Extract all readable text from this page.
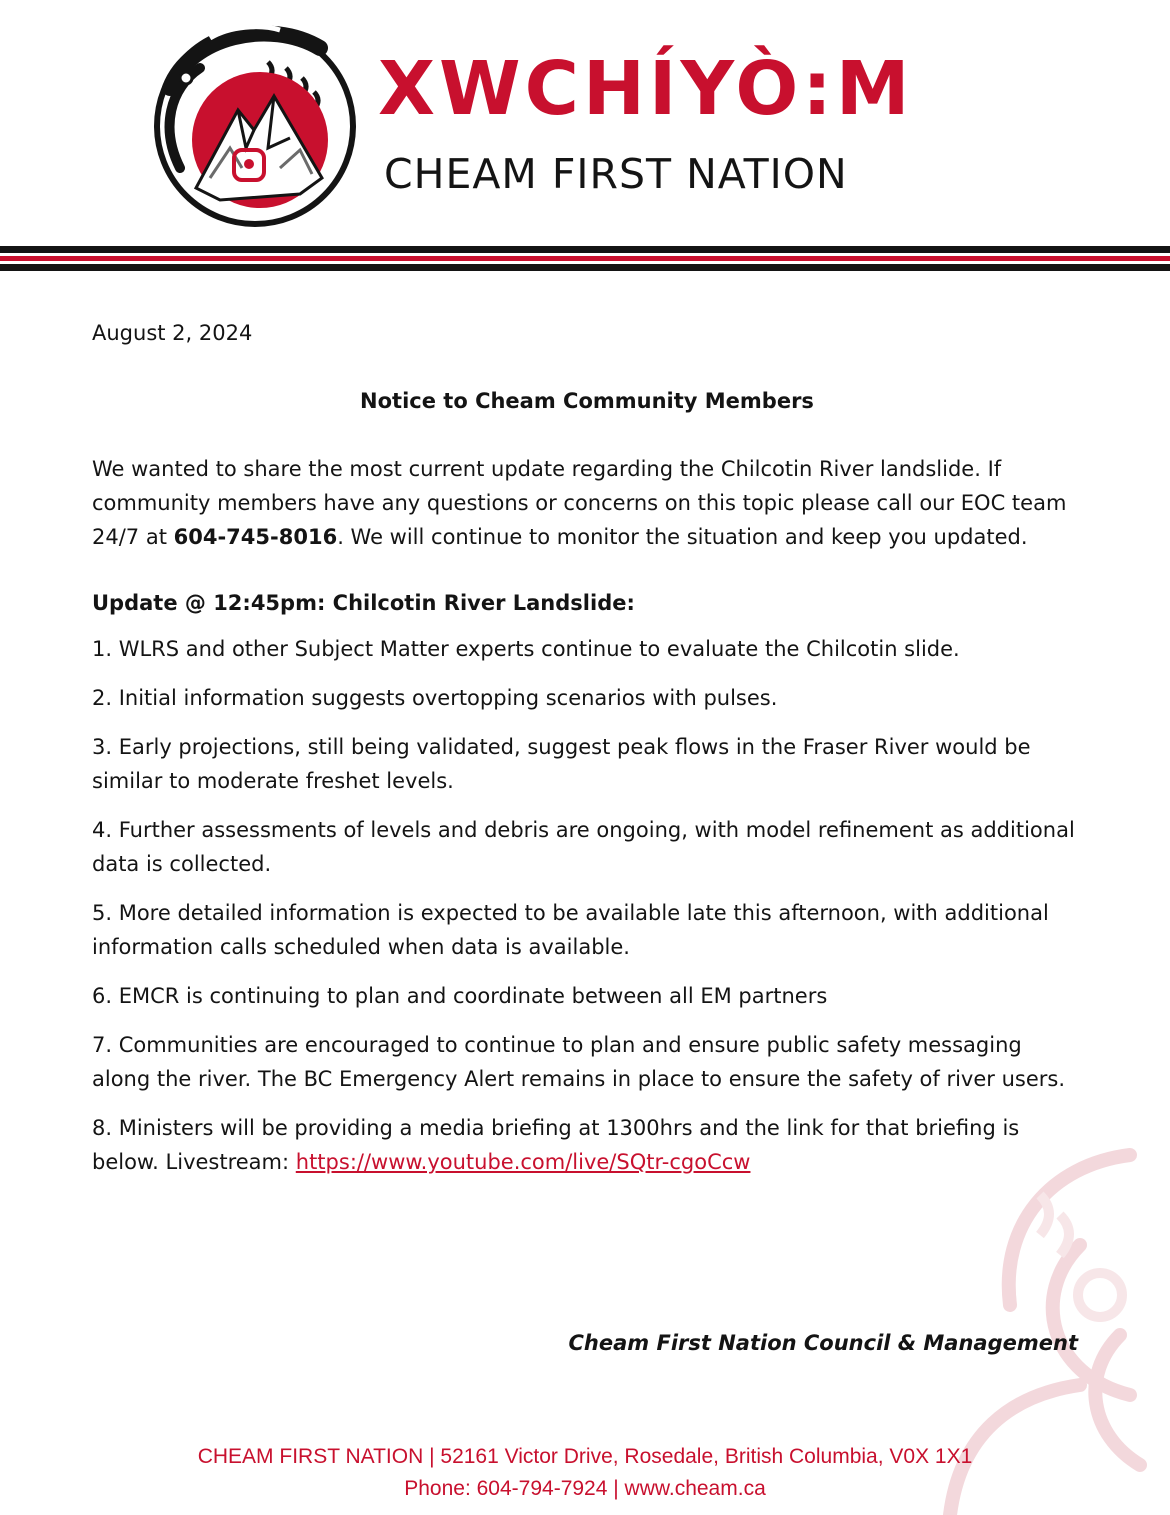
XWCHÍYÒ:M
CHEAM FIRST NATION

August 2, 2024

Notice to Cheam Community Members

We wanted to share the most current update regarding the Chilcotin River landslide. If community members have any questions or concerns on this topic please call our EOC team 24/7 at 604-745-8016. We will continue to monitor the situation and keep you updated.

Update @ 12:45pm: Chilcotin River Landslide:

1. WLRS and other Subject Matter experts continue to evaluate the Chilcotin slide.
2. Initial information suggests overtopping scenarios with pulses.
3. Early projections, still being validated, suggest peak flows in the Fraser River would be similar to moderate freshet levels.
4. Further assessments of levels and debris are ongoing, with model refinement as additional data is collected.
5. More detailed information is expected to be available late this afternoon, with additional information calls scheduled when data is available.
6. EMCR is continuing to plan and coordinate between all EM partners
7. Communities are encouraged to continue to plan and ensure public safety messaging along the river. The BC Emergency Alert remains in place to ensure the safety of river users.
8. Ministers will be providing a media briefing at 1300hrs and the link for that briefing is below. Livestream: https://www.youtube.com/live/SQtr-cgoCcw
Cheam First Nation Council & Management
CHEAM FIRST NATION | 52161 Victor Drive, Rosedale, British Columbia, V0X 1X1
Phone: 604-794-7924 | www.cheam.ca
